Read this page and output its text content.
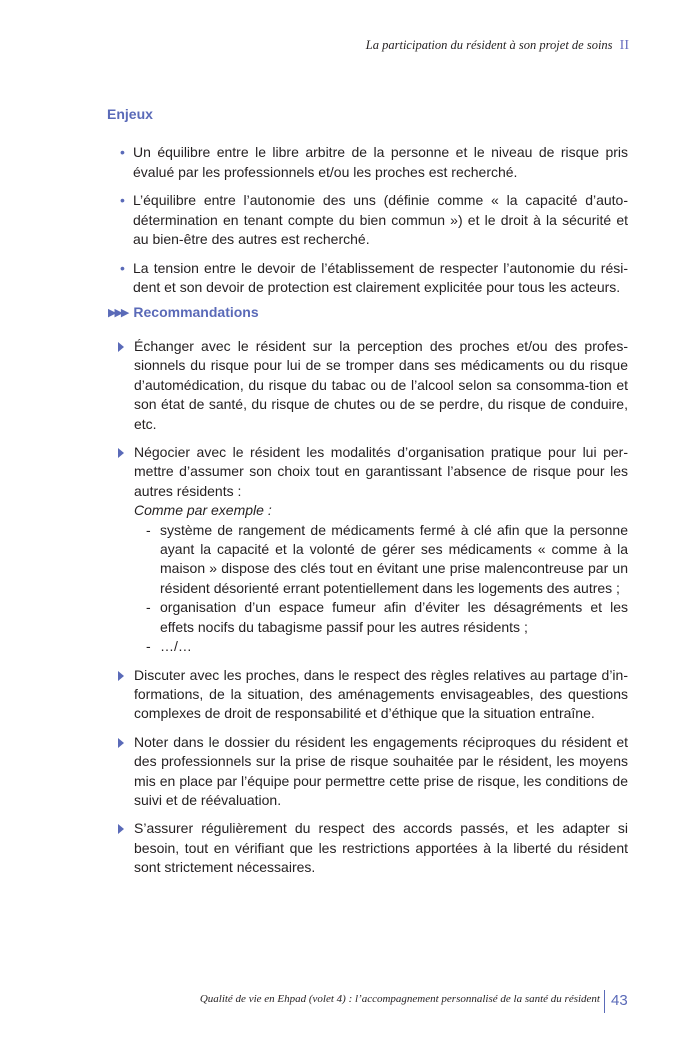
La participation du résident à son projet de soins II
Enjeux
• Un équilibre entre le libre arbitre de la personne et le niveau de risque pris évalué par les professionnels et/ou les proches est recherché.
• L’équilibre entre l’autonomie des uns (définie comme « la capacité d’auto-détermination en tenant compte du bien commun ») et le droit à la sécurité et au bien-être des autres est recherché.
• La tension entre le devoir de l’établissement de respecter l’autonomie du rési-dent et son devoir de protection est clairement explicitée pour tous les acteurs.
▶▶▶ Recommandations
Échanger avec le résident sur la perception des proches et/ou des profes-sionnels du risque pour lui de se tromper dans ses médicaments ou du risque d’automédication, du risque du tabac ou de l’alcool selon sa consomma-tion et son état de santé, du risque de chutes ou de se perdre, du risque de conduire, etc.
Négocier avec le résident les modalités d’organisation pratique pour lui per-mettre d’assumer son choix tout en garantissant l’absence de risque pour les autres résidents :
Comme par exemple :
- système de rangement de médicaments fermé à clé afin que la personne ayant la capacité et la volonté de gérer ses médicaments « comme à la maison » dispose des clés tout en évitant une prise malencontreuse par un résident désorienté errant potentiellement dans les logements des autres ;
- organisation d’un espace fumeur afin d’éviter les désagréments et les effets nocifs du tabagisme passif pour les autres résidents ;
- …/…
Discuter avec les proches, dans le respect des règles relatives au partage d’in-formations, de la situation, des aménagements envisageables, des questions complexes de droit de responsabilité et d’éthique que la situation entraîne.
Noter dans le dossier du résident les engagements réciproques du résident et des professionnels sur la prise de risque souhaitée par le résident, les moyens mis en place par l’équipe pour permettre cette prise de risque, les conditions de suivi et de réévaluation.
S’assurer régulièrement du respect des accords passés, et les adapter si besoin, tout en vérifiant que les restrictions apportées à la liberté du résident sont strictement nécessaires.
Qualité de vie en Ehpad (volet 4) : l’accompagnement personnalisé de la santé du résident 43
